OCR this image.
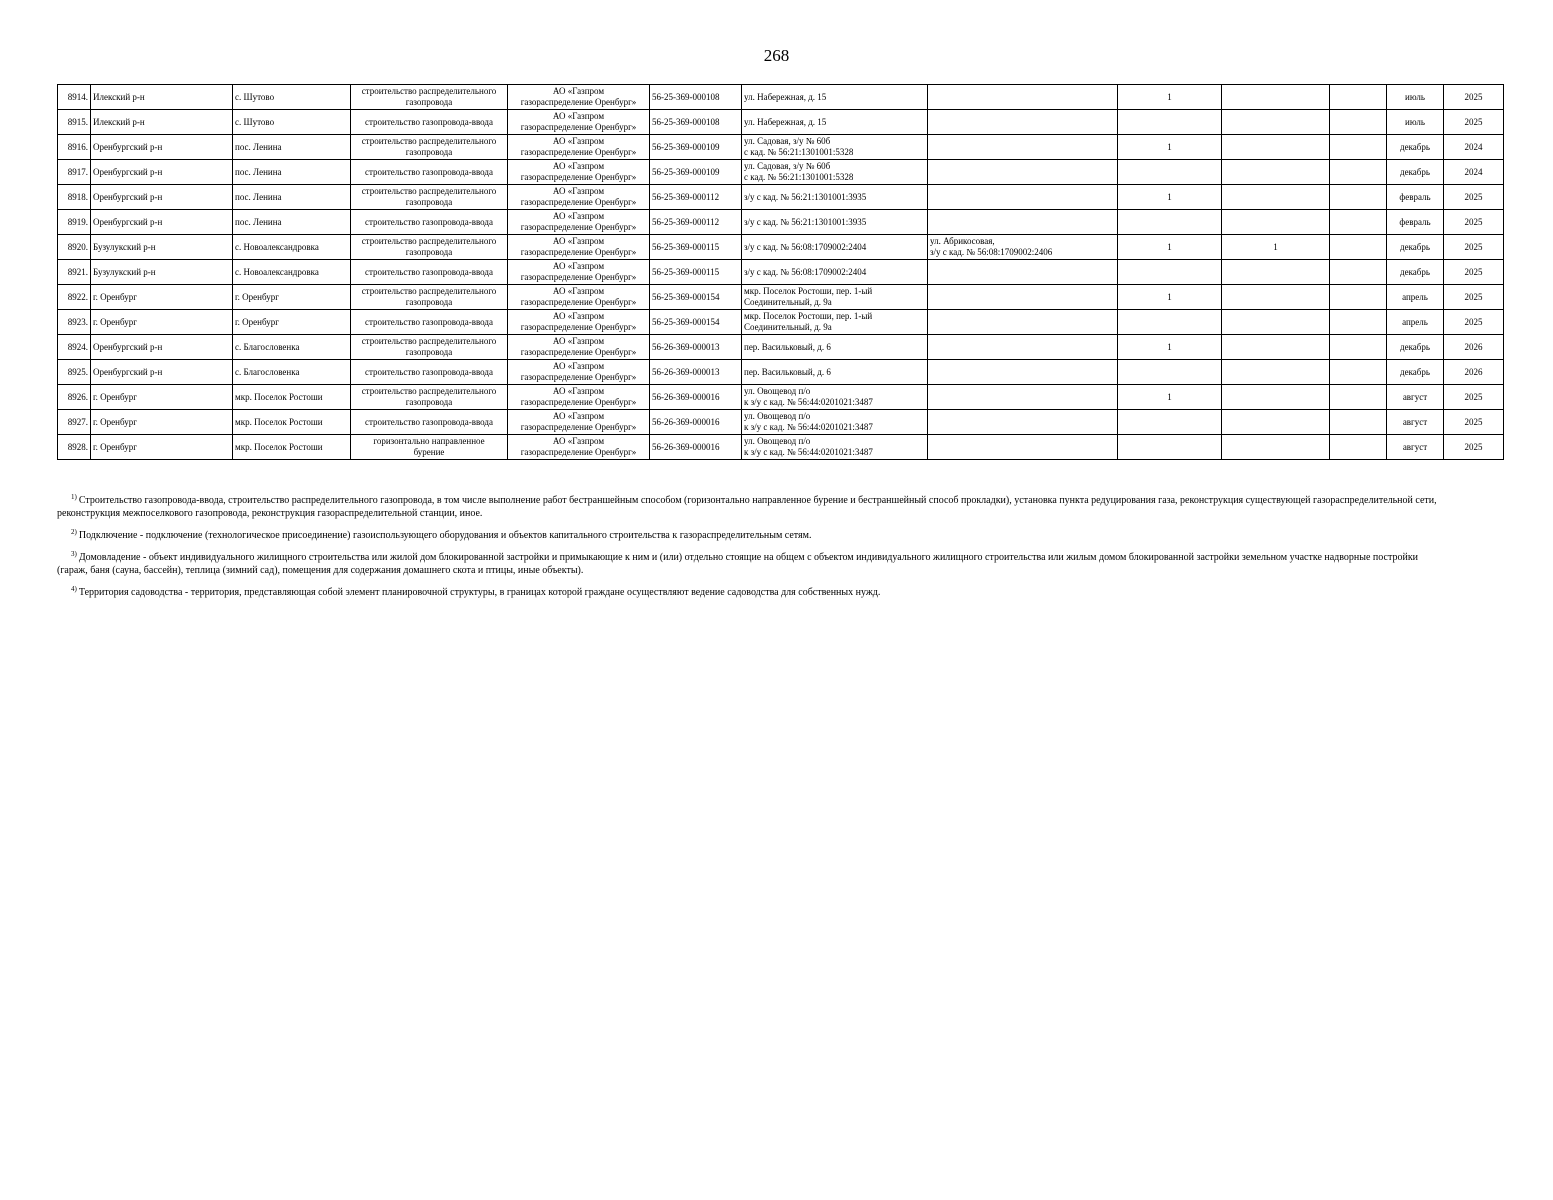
268
8914.	Илекский р-н	с. Шутово	строительство распределительного
газопровода	АО «Газпром
газораспределение Оренбург»	56-25-369-000108	ул. Набережная, д. 15		1			июль	2025
8915.	Илекский р-н	с. Шутово	строительство газопровода-ввода	АО «Газпром
газораспределение Оренбург»	56-25-369-000108	ул. Набережная, д. 15					июль	2025
8916.	Оренбургский р-н	пос. Ленина	строительство распределительного
газопровода	АО «Газпром
газораспределение Оренбург»	56-25-369-000109	ул. Садовая, з/у № 60б
с кад. № 56:21:1301001:5328		1			декабрь	2024
8917.	Оренбургский р-н	пос. Ленина	строительство газопровода-ввода	АО «Газпром
газораспределение Оренбург»	56-25-369-000109	ул. Садовая, з/у № 60б
с кад. № 56:21:1301001:5328					декабрь	2024
8918.	Оренбургский р-н	пос. Ленина	строительство распределительного
газопровода	АО «Газпром
газораспределение Оренбург»	56-25-369-000112	з/у с кад. № 56:21:1301001:3935		1			февраль	2025
8919.	Оренбургский р-н	пос. Ленина	строительство газопровода-ввода	АО «Газпром
газораспределение Оренбург»	56-25-369-000112	з/у с кад. № 56:21:1301001:3935					февраль	2025
8920.	Бузулукский р-н	с. Новоалександровка	строительство распределительного
газопровода	АО «Газпром
газораспределение Оренбург»	56-25-369-000115	з/у с кад. № 56:08:1709002:2404	ул. Абрикосовая,
з/у с кад. № 56:08:1709002:2406	1	1		декабрь	2025
8921.	Бузулукский р-н	с. Новоалександровка	строительство газопровода-ввода	АО «Газпром
газораспределение Оренбург»	56-25-369-000115	з/у с кад. № 56:08:1709002:2404					декабрь	2025
8922.	г. Оренбург	г. Оренбург	строительство распределительного
газопровода	АО «Газпром
газораспределение Оренбург»	56-25-369-000154	мкр. Поселок Ростоши, пер. 1-ый
Соединительный, д. 9а		1			апрель	2025
8923.	г. Оренбург	г. Оренбург	строительство газопровода-ввода	АО «Газпром
газораспределение Оренбург»	56-25-369-000154	мкр. Поселок Ростоши, пер. 1-ый
Соединительный, д. 9а					апрель	2025
8924.	Оренбургский р-н	с. Благословенка	строительство распределительного
газопровода	АО «Газпром
газораспределение Оренбург»	56-26-369-000013	пер. Васильковый, д. 6		1			декабрь	2026
8925.	Оренбургский р-н	с. Благословенка	строительство газопровода-ввода	АО «Газпром
газораспределение Оренбург»	56-26-369-000013	пер. Васильковый, д. 6					декабрь	2026
8926.	г. Оренбург	мкр. Поселок Ростоши	строительство распределительного
газопровода	АО «Газпром
газораспределение Оренбург»	56-26-369-000016	ул. Овощевод п/о
к з/у с кад. № 56:44:0201021:3487		1			август	2025
8927.	г. Оренбург	мкр. Поселок Ростоши	строительство газопровода-ввода	АО «Газпром
газораспределение Оренбург»	56-26-369-000016	ул. Овощевод п/о
к з/у с кад. № 56:44:0201021:3487					август	2025
8928.	г. Оренбург	мкр. Поселок Ростоши	горизонтально направленное
бурение	АО «Газпром
газораспределение Оренбург»	56-26-369-000016	ул. Овощевод п/о
к з/у с кад. № 56:44:0201021:3487					август	2025

$^{1)}$ Строительство газопровода-ввода, строительство распределительного газопровода, в том числе выполнение работ бестраншейным способом (горизонтально направленное бурение и бестраншейный способ прокладки), установка пункта редуцирования газа, реконструкция существующей газораспределительной сети, реконструкция межпоселкового газопровода, реконструкция газораспределительной станции, иное.

$^{2)}$ Подключение - подключение (технологическое присоединение) газоиспользующего оборудования и объектов капитального строительства к газораспределительным сетям.

$^{3)}$ Домовладение - объект индивидуального жилищного строительства или жилой дом блокированной застройки и примыкающие к ним и (или) отдельно стоящие на общем с объектом индивидуального жилищного строительства или жилым домом блокированной застройки земельном участке надворные постройки (гараж, баня (сауна, бассейн), теплица (зимний сад), помещения для содержания домашнего скота и птицы, иные объекты).

$^{4)}$ Территория садоводства - территория, представляющая собой элемент планировочной структуры, в границах которой граждане осуществляют ведение садоводства для собственных нужд.
